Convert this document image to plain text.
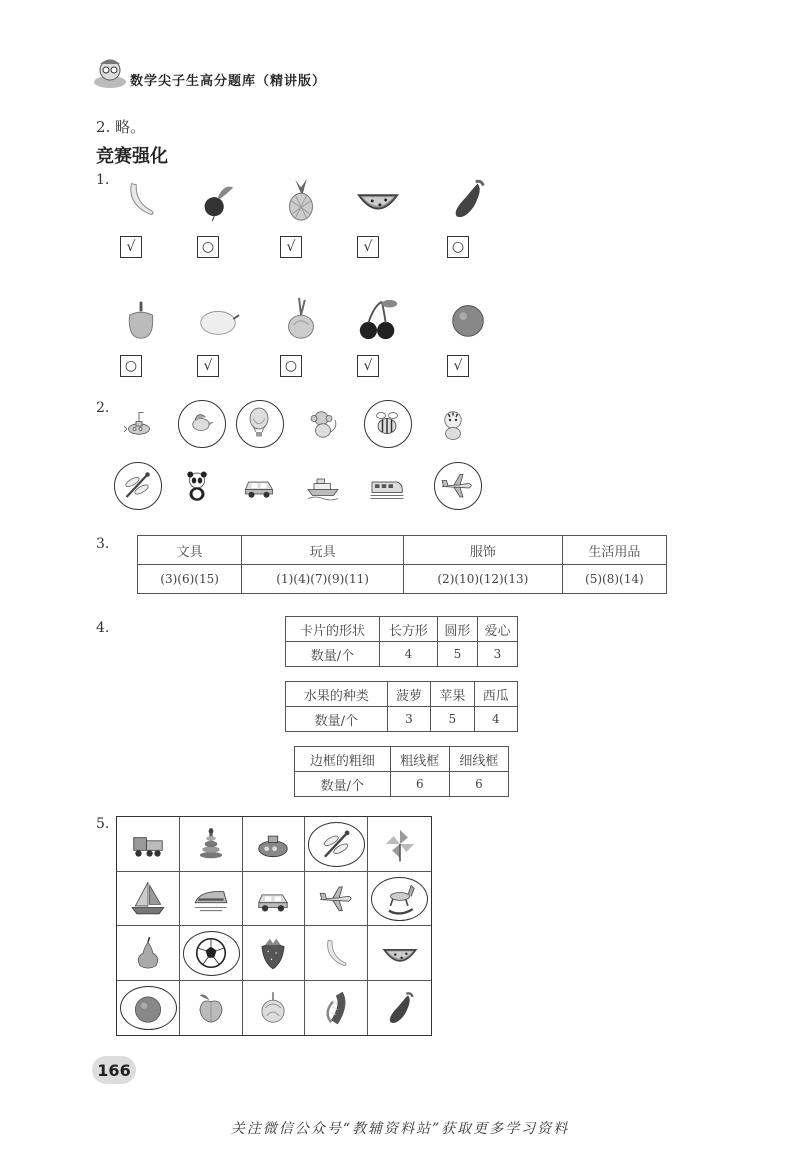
数学尖子生高分题库（精讲版）
2. 略。
竞赛强化
1.
√	○	√	√	○
○	√	○	√	√
2.
3.	文具	玩具	服饰	生活用品
(3)(6)(15)	(1)(4)(7)(9)(11)	(2)(10)(12)(13)	(5)(8)(14)
4.	卡片的形状	长方形	圆形	爱心
数量/个	4	5	3
水果的种类	菠萝	苹果	西瓜
数量/个	3	5	4
边框的粗细	粗线框	细线框
数量/个	6	6
5.
166
关注微信公众号“教辅资料站”获取更多学习资料
